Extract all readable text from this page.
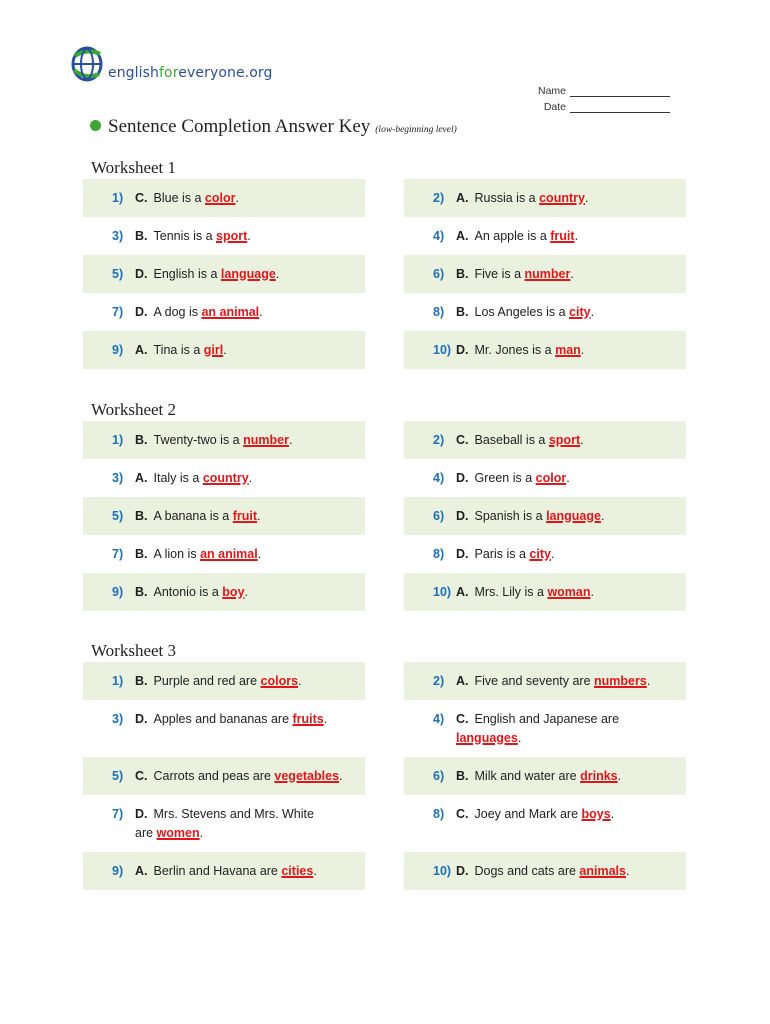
englishforeveryone.org
Name
Date
Sentence Completion Answer Key (low-beginning level)
Worksheet 1
1) C. Blue is a color.	2) A. Russia is a country.
3) B. Tennis is a sport.	4) A. An apple is a fruit.
5) D. English is a language.	6) B. Five is a number.
7) D. A dog is an animal.	8) B. Los Angeles is a city.
9) A. Tina is a girl.	10) D. Mr. Jones is a man.
Worksheet 2
1) B. Twenty-two is a number.	2) C. Baseball is a sport.
3) A. Italy is a country.	4) D. Green is a color.
5) B. A banana is a fruit.	6) D. Spanish is a language.
7) B. A lion is an animal.	8) D. Paris is a city.
9) B. Antonio is a boy.	10) A. Mrs. Lily is a woman.
Worksheet 3
1) B. Purple and red are colors.	2) A. Five and seventy are numbers.
3) D. Apples and bananas are fruits.	4) C. English and Japanese are
languages.
5) C. Carrots and peas are vegetables.	6) B. Milk and water are drinks.
7) D. Mrs. Stevens and Mrs. White
are women.
8) C. Joey and Mark are boys.
9) A. Berlin and Havana are cities.	10) D. Dogs and cats are animals.
